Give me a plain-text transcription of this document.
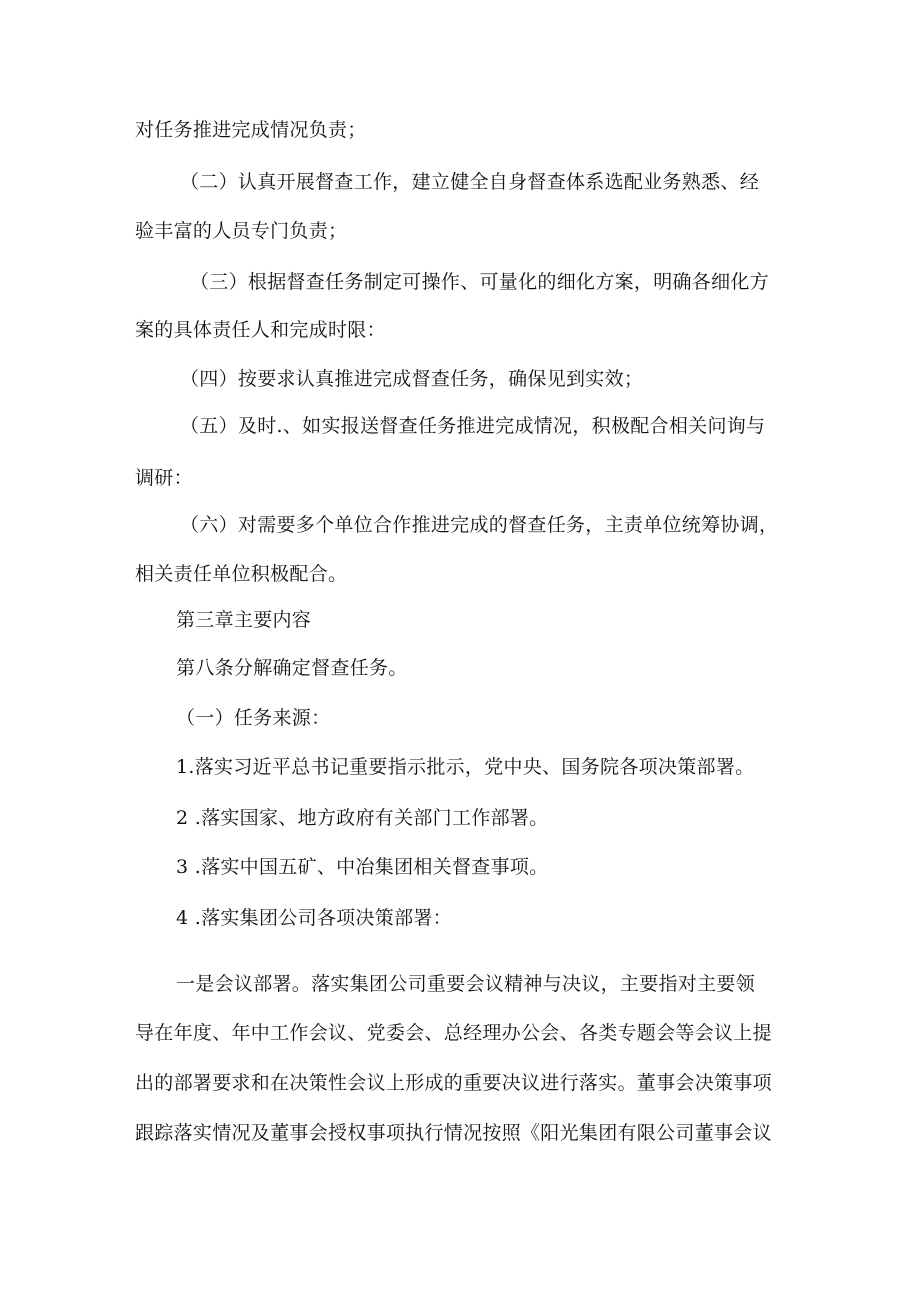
对任务推进完成情况负责；
（二）认真开展督查工作，建立健全自身督查体系选配业务熟悉、经
验丰富的人员专门负责；
（三）根据督查任务制定可操作、可量化的细化方案，明确各细化方
案的具体责任人和完成时限：
（四）按要求认真推进完成督查任务，确保见到实效；
（五）及时.、如实报送督查任务推进完成情况，积极配合相关问询与
调研：
（六）对需要多个单位合作推进完成的督查任务，主责单位统筹协调，
相关责任单位积极配合。
第三章主要内容
第八条分解确定督查任务。
（一）任务来源：
1.落实习近平总书记重要指示批示，党中央、国务院各项决策部署。
2 .落实国家、地方政府有关部门工作部署。
3 .落实中国五矿、中冶集团相关督查事项。
4 .落实集团公司各项决策部署：
一是会议部署。落实集团公司重要会议精神与决议，主要指对主要领
导在年度、年中工作会议、党委会、总经理办公会、各类专题会等会议上提
出的部署要求和在决策性会议上形成的重要决议进行落实。董事会决策事项
跟踪落实情况及董事会授权事项执行情况按照《阳光集团有限公司董事会议
